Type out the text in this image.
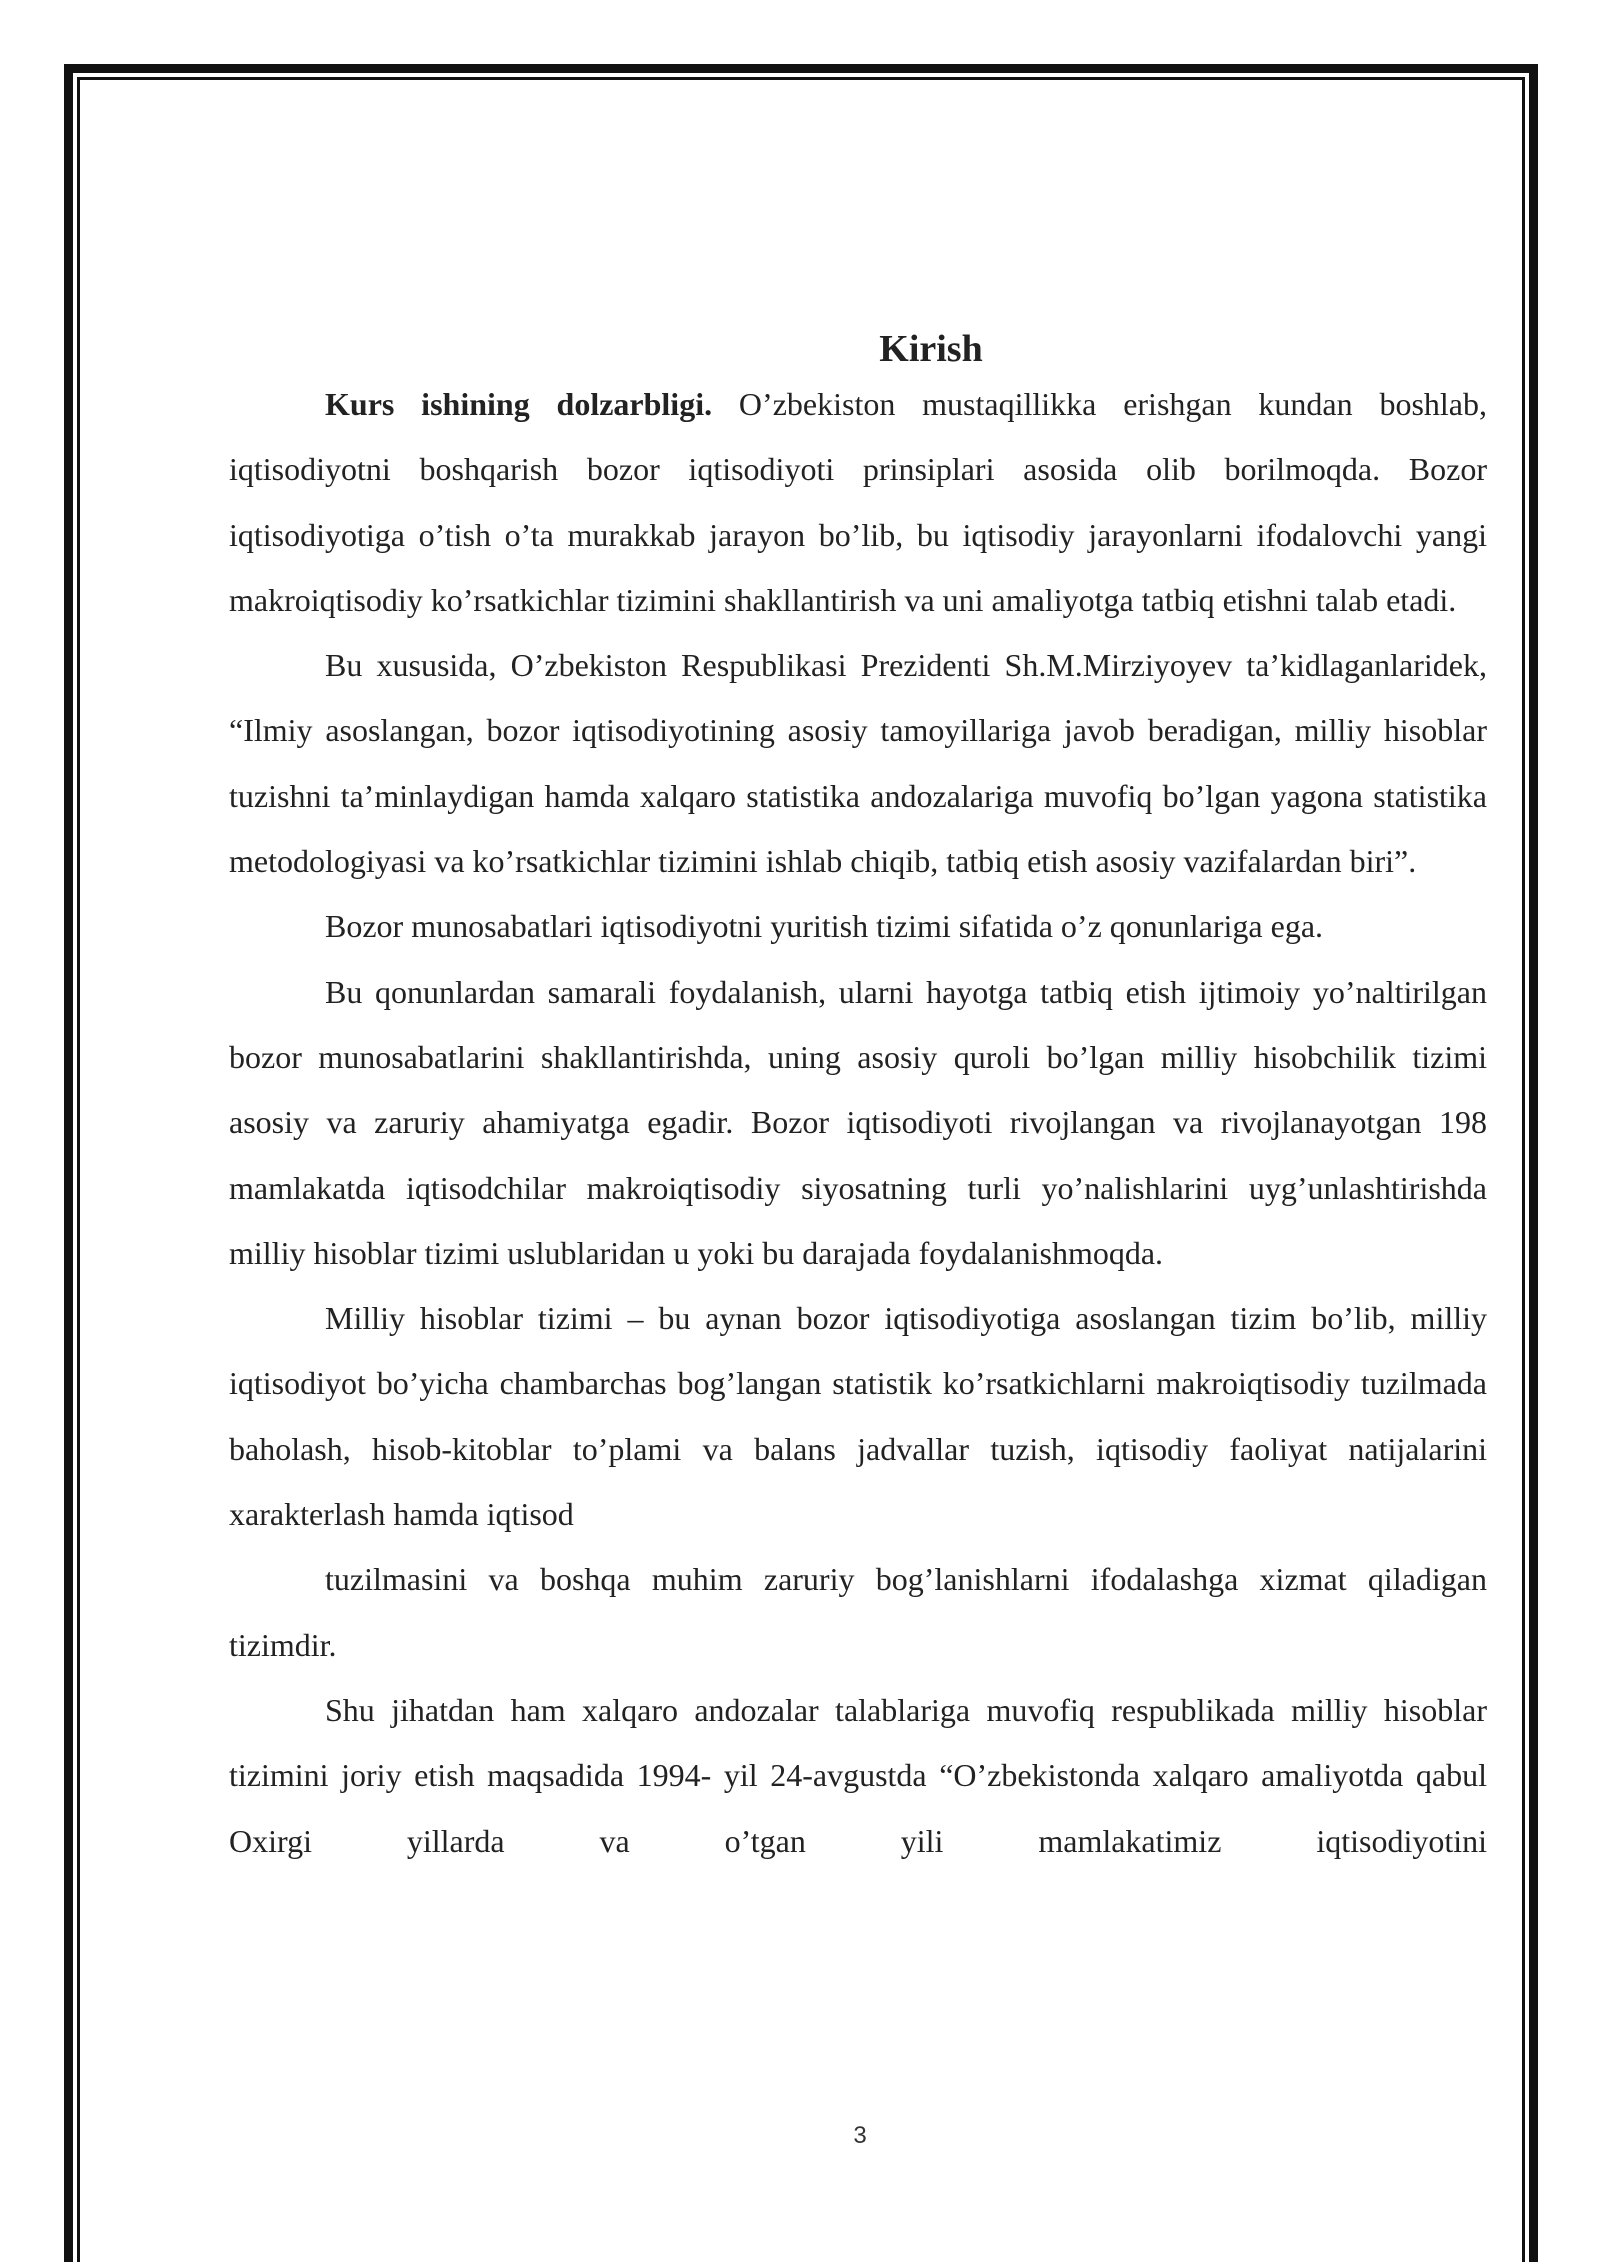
Kirish

Kurs ishining dolzarbligi. O’zbekiston mustaqillikka erishgan kundan boshlab, iqtisodiyotni boshqarish bozor iqtisodiyoti prinsiplari asosida olib borilmoqda. Bozor iqtisodiyotiga o’tish o’ta murakkab jarayon bo’lib, bu iqtisodiy jarayonlarni ifodalovchi yangi makroiqtisodiy ko’rsatkichlar tizimini shakllantirish va uni amaliyotga tatbiq etishni talab etadi.

Bu xususida, O’zbekiston Respublikasi Prezidenti Sh.M.Mirziyoyev ta’kidlaganlaridek, “Ilmiy asoslangan, bozor iqtisodiyotining asosiy tamoyillariga javob beradigan, milliy hisoblar tuzishni ta’minlaydigan hamda xalqaro statistika andozalariga muvofiq bo’lgan yagona statistika metodologiyasi va ko’rsatkichlar tizimini ishlab chiqib, tatbiq etish asosiy vazifalardan biri”.

Bozor munosabatlari iqtisodiyotni yuritish tizimi sifatida o’z qonunlariga ega.

Bu qonunlardan samarali foydalanish, ularni hayotga tatbiq etish ijtimoiy yo’naltirilgan bozor munosabatlarini shakllantirishda, uning asosiy quroli bo’lgan milliy hisobchilik tizimi asosiy va zaruriy ahamiyatga egadir. Bozor iqtisodiyoti rivojlangan va rivojlanayotgan 198 mamlakatda iqtisodchilar makroiqtisodiy siyosatning turli yo’nalishlarini uyg’unlashtirishda milliy hisoblar tizimi uslublaridan u yoki bu darajada foydalanishmoqda.

Milliy hisoblar tizimi – bu aynan bozor iqtisodiyotiga asoslangan tizim bo’lib, milliy iqtisodiyot bo’yicha chambarchas bog’langan statistik ko’rsatkichlarni makroiqtisodiy tuzilmada baholash, hisob-kitoblar to’plami va balans jadvallar tuzish, iqtisodiy faoliyat natijalarini xarakterlash hamda iqtisod

tuzilmasini va boshqa muhim zaruriy bog’lanishlarni ifodalashga xizmat qiladigan tizimdir.

Shu jihatdan ham xalqaro andozalar talablariga muvofiq respublikada milliy hisoblar tizimini joriy etish maqsadida 1994- yil 24-avgustda “O’zbekistonda xalqaro amaliyotda qabul Oxirgi yillarda va o’tgan yili mamlakatimiz iqtisodiyotini

3
